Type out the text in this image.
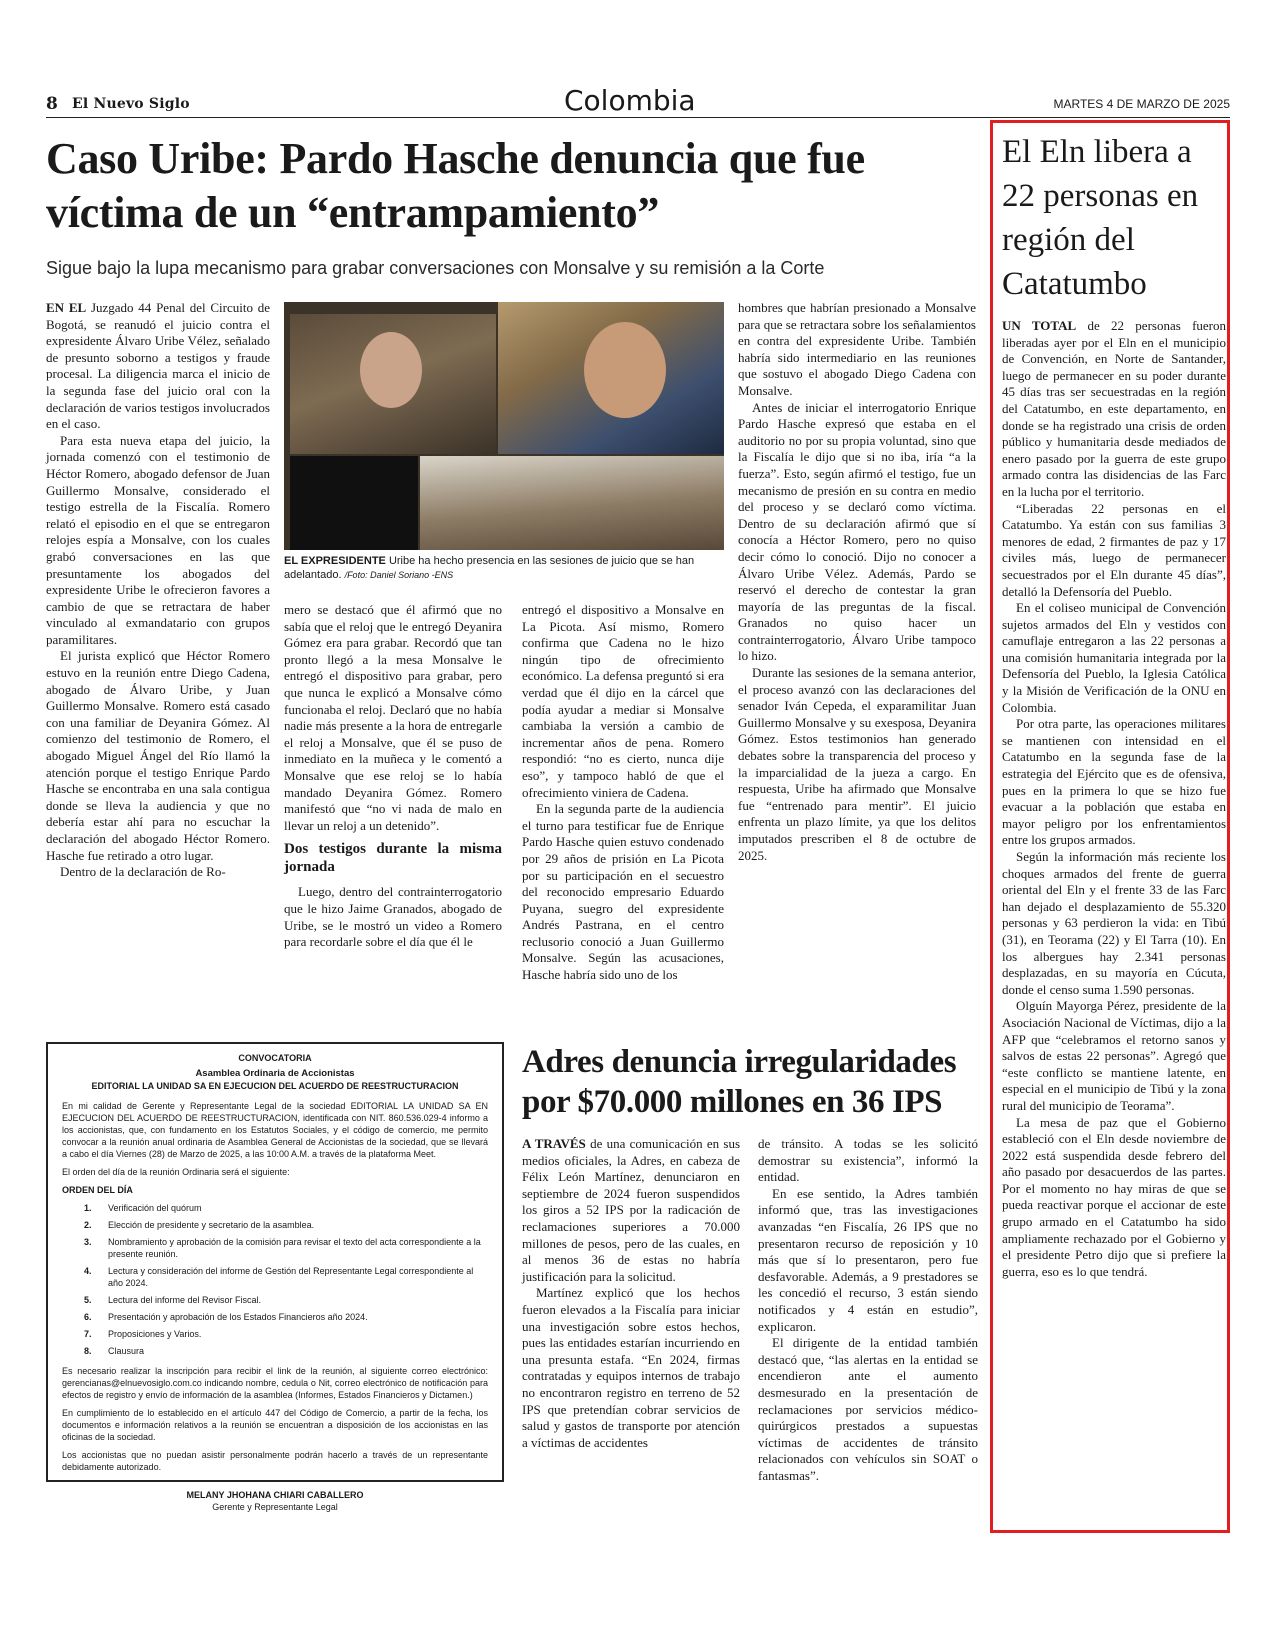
8 El Nuevo Siglo	Colombia	MARTES 4 DE MARZO DE 2025
Caso Uribe: Pardo Hasche denuncia que fue víctima de un “entrampamiento”
Sigue bajo la lupa mecanismo para grabar conversaciones con Monsalve y su remisión a la Corte

EN EL Juzgado 44 Penal del Circuito de Bogotá, se reanudó el juicio contra el expresidente Álvaro Uribe Vélez, señalado de presunto soborno a testigos y fraude procesal. La diligencia marca el inicio de la segunda fase del juicio oral con la declaración de varios testigos involucrados en el caso.

Para esta nueva etapa del juicio, la jornada comenzó con el testimonio de Héctor Romero, abogado defensor de Juan Guillermo Monsalve, considerado el testigo estrella de la Fiscalía. Romero relató el episodio en el que se entregaron relojes espía a Monsalve, con los cuales grabó conversaciones en las que presuntamente los abogados del expresidente Uribe le ofrecieron favores a cambio de que se retractara de haber vinculado al exmandatario con grupos paramilitares.

El jurista explicó que Héctor Romero estuvo en la reunión entre Diego Cadena, abogado de Álvaro Uribe, y Juan Guillermo Monsalve. Romero está casado con una familiar de Deyanira Gómez. Al comienzo del testimonio de Romero, el abogado Miguel Ángel del Río llamó la atención porque el testigo Enrique Pardo Hasche se encontraba en una sala contigua donde se lleva la audiencia y que no debería estar ahí para no escuchar la declaración del abogado Héctor Romero. Hasche fue retirado a otro lugar.

Dentro de la declaración de Ro-

EL EXPRESIDENTE Uribe ha hecho presencia en las sesiones de juicio que se han adelantado. /Foto: Daniel Soriano -ENS

mero se destacó que él afirmó que no sabía que el reloj que le entregó Deyanira Gómez era para grabar. Recordó que tan pronto llegó a la mesa Monsalve le entregó el dispositivo para grabar, pero que nunca le explicó a Monsalve cómo funcionaba el reloj. Declaró que no había nadie más presente a la hora de entregarle el reloj a Monsalve, que él se puso de inmediato en la muñeca y le comentó a Monsalve que ese reloj se lo había mandado Deyanira Gómez. Romero manifestó que “no vi nada de malo en llevar un reloj a un detenido”.

Dos testigos durante la misma jornada

Luego, dentro del contrainterrogatorio que le hizo Jaime Granados, abogado de Uribe, se le mostró un video a Romero para recordarle sobre el día que él le

entregó el dispositivo a Monsalve en La Picota. Así mismo, Romero confirma que Cadena no le hizo ningún tipo de ofrecimiento económico. La defensa preguntó si era verdad que él dijo en la cárcel que podía ayudar a mediar si Monsalve cambiaba la versión a cambio de incrementar años de pena. Romero respondió: “no es cierto, nunca dije eso”, y tampoco habló de que el ofrecimiento viniera de Cadena.

En la segunda parte de la audiencia el turno para testificar fue de Enrique Pardo Hasche quien estuvo condenado por 29 años de prisión en La Picota por su participación en el secuestro del reconocido empresario Eduardo Puyana, suegro del expresidente Andrés Pastrana, en el centro reclusorio conoció a Juan Guillermo Monsalve. Según las acusaciones, Hasche habría sido uno de los

hombres que habrían presionado a Monsalve para que se retractara sobre los señalamientos en contra del expresidente Uribe. También habría sido intermediario en las reuniones que sostuvo el abogado Diego Cadena con Monsalve.

Antes de iniciar el interrogatorio Enrique Pardo Hasche expresó que estaba en el auditorio no por su propia voluntad, sino que la Fiscalía le dijo que si no iba, iría “a la fuerza”. Esto, según afirmó el testigo, fue un mecanismo de presión en su contra en medio del proceso y se declaró como víctima. Dentro de su declaración afirmó que sí conocía a Héctor Romero, pero no quiso decir cómo lo conoció. Dijo no conocer a Álvaro Uribe Vélez. Además, Pardo se reservó el derecho de contestar la gran mayoría de las preguntas de la fiscal. Granados no quiso hacer un contrainterrogatorio, Álvaro Uribe tampoco lo hizo.

Durante las sesiones de la semana anterior, el proceso avanzó con las declaraciones del senador Iván Cepeda, el exparamilitar Juan Guillermo Monsalve y su exesposa, Deyanira Gómez. Estos testimonios han generado debates sobre la transparencia del proceso y la imparcialidad de la jueza a cargo. En respuesta, Uribe ha afirmado que Monsalve fue “entrenado para mentir”. El juicio enfrenta un plazo límite, ya que los delitos imputados prescriben el 8 de octubre de 2025.

El Eln libera a 22 personas en región del Catatumbo

UN TOTAL de 22 personas fueron liberadas ayer por el Eln en el municipio de Convención, en Norte de Santander, luego de permanecer en su poder durante 45 días tras ser secuestradas en la región del Catatumbo, en este departamento, en donde se ha registrado una crisis de orden público y humanitaria desde mediados de enero pasado por la guerra de este grupo armado contra las disidencias de las Farc en la lucha por el territorio.

“Liberadas 22 personas en el Catatumbo. Ya están con sus familias 3 menores de edad, 2 firmantes de paz y 17 civiles más, luego de permanecer secuestrados por el Eln durante 45 días”, detalló la Defensoría del Pueblo.

En el coliseo municipal de Convención sujetos armados del Eln y vestidos con camuflaje entregaron a las 22 personas a una comisión humanitaria integrada por la Defensoría del Pueblo, la Iglesia Católica y la Misión de Verificación de la ONU en Colombia.

Por otra parte, las operaciones militares se mantienen con intensidad en el Catatumbo en la segunda fase de la estrategia del Ejército que es de ofensiva, pues en la primera lo que se hizo fue evacuar a la población que estaba en mayor peligro por los enfrentamientos entre los grupos armados.

Según la información más reciente los choques armados del frente de guerra oriental del Eln y el frente 33 de las Farc han dejado el desplazamiento de 55.320 personas y 63 perdieron la vida: en Tibú (31), en Teorama (22) y El Tarra (10). En los albergues hay 2.341 personas desplazadas, en su mayoría en Cúcuta, donde el censo suma 1.590 personas.

Olguín Mayorga Pérez, presidente de la Asociación Nacional de Víctimas, dijo a la AFP que “celebramos el retorno sanos y salvos de estas 22 personas”. Agregó que “este conflicto se mantiene latente, en especial en el municipio de Tibú y la zona rural del municipio de Teorama”.

La mesa de paz que el Gobierno estableció con el Eln desde noviembre de 2022 está suspendida desde febrero del año pasado por desacuerdos de las partes. Por el momento no hay miras de que se pueda reactivar porque el accionar de este grupo armado en el Catatumbo ha sido ampliamente rechazado por el Gobierno y el presidente Petro dijo que si prefiere la guerra, eso es lo que tendrá.

CONVOCATORIA
Asamblea Ordinaria de Accionistas
EDITORIAL LA UNIDAD SA EN EJECUCION DEL ACUERDO DE REESTRUCTURACION

En mi calidad de Gerente y Representante Legal de la sociedad EDITORIAL LA UNIDAD SA EN EJECUCION DEL ACUERDO DE REESTRUCTURACION, identificada con NIT. 860.536.029-4 informo a los accionistas, que, con fundamento en los Estatutos Sociales, y el código de comercio, me permito convocar a la reunión anual ordinaria de Asamblea General de Accionistas de la sociedad, que se llevará a cabo el día Viernes (28) de Marzo de 2025, a las 10:00 A.M. a través de la plataforma Meet.

El orden del día de la reunión Ordinaria será el siguiente:

ORDEN DEL DÍA
1.	Verificación del quórum
2.	Elección de presidente y secretario de la asamblea.
3.	Nombramiento y aprobación de la comisión para revisar el texto del acta correspondiente a la presente reunión.
4.	Lectura y consideración del informe de Gestión del Representante Legal correspondiente al año 2024.
5.	Lectura del informe del Revisor Fiscal.
6.	Presentación y aprobación de los Estados Financieros año 2024.
7.	Proposiciones y Varios.
8.	Clausura

Es necesario realizar la inscripción para recibir el link de la reunión, al siguiente correo electrónico: gerencianas@elnuevosiglo.com.co indicando nombre, cedula o Nit, correo electrónico de notificación para efectos de registro y envío de información de la asamblea (Informes, Estados Financieros y Dictamen.)

En cumplimiento de lo establecido en el artículo 447 del Código de Comercio, a partir de la fecha, los documentos e información relativos a la reunión se encuentran a disposición de los accionistas en las oficinas de la sociedad.

Los accionistas que no puedan asistir personalmente podrán hacerlo a través de un representante debidamente autorizado.

MELANY JHOHANA CHIARI CABALLERO
Gerente y Representante Legal
Adres denuncia irregularidades por $70.000 millones en 36 IPS

A TRAVÉS de una comunicación en sus medios oficiales, la Adres, en cabeza de Félix León Martínez, denunciaron en septiembre de 2024 fueron suspendidos los giros a 52 IPS por la radicación de reclamaciones superiores a 70.000 millones de pesos, pero de las cuales, en al menos 36 de estas no habría justificación para la solicitud.

Martínez explicó que los hechos fueron elevados a la Fiscalía para iniciar una investigación sobre estos hechos, pues las entidades estarían incurriendo en una presunta estafa. “En 2024, firmas contratadas y equipos internos de trabajo no encontraron registro en terreno de 52 IPS que pretendían cobrar servicios de salud y gastos de transporte por atención a víctimas de accidentes

de tránsito. A todas se les solicitó demostrar su existencia”, informó la entidad.

En ese sentido, la Adres también informó que, tras las investigaciones avanzadas “en Fiscalía, 26 IPS que no presentaron recurso de reposición y 10 más que sí lo presentaron, pero fue desfavorable. Además, a 9 prestadores se les concedió el recurso, 3 están siendo notificados y 4 están en estudio”, explicaron.

El dirigente de la entidad también destacó que, “las alertas en la entidad se encendieron ante el aumento desmesurado en la presentación de reclamaciones por servicios médico-quirúrgicos prestados a supuestas víctimas de accidentes de tránsito relacionados con vehículos sin SOAT o fantasmas”.
